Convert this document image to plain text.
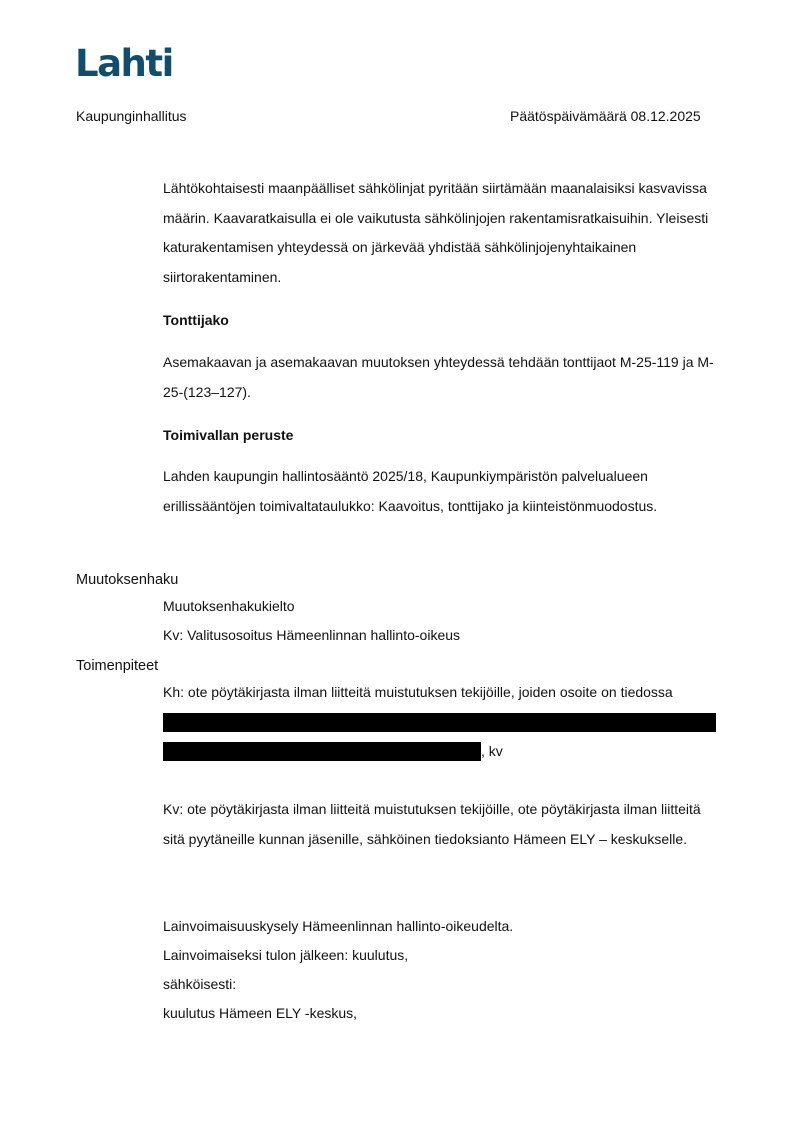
Lahti
Kaupunginhallitus	Päätöspäivämäärä 08.12.2025
Lähtökohtaisesti maanpäälliset sähkölinjat pyritään siirtämään maanalaisiksi kasvavissa määrin. Kaavaratkaisulla ei ole vaikutusta sähkölinjojen rakentamisratkaisuihin. Yleisesti katurakentamisen yhteydessä on järkevää yhdistää sähkölinjojenyhtaikainen siirtorakentaminen.
Tonttijako
Asemakaavan ja asemakaavan muutoksen yhteydessä tehdään tonttijaot M-25-119 ja M-25-(123–127).
Toimivallan peruste
Lahden kaupungin hallintosääntö 2025/18, Kaupunkiympäristön palvelualueen erillissääntöjen toimivaltataulukko: Kaavoitus, tonttijako ja kiinteistönmuodostus.
Muutoksenhaku
Muutoksenhakukielto
Kv: Valitusosoitus Hämeenlinnan hallinto-oikeus
Toimenpiteet
Kh: ote pöytäkirjasta ilman liitteitä muistutuksen tekijöille, joiden osoite on tiedossa
, kv
Kv: ote pöytäkirjasta ilman liitteitä muistutuksen tekijöille, ote pöytäkirjasta ilman liitteitä sitä pyytäneille kunnan jäsenille, sähköinen tiedoksianto Hämeen ELY – keskukselle.
Lainvoimaisuuskysely Hämeenlinnan hallinto-oikeudelta.
Lainvoimaiseksi tulon jälkeen: kuulutus,
sähköisesti:
kuulutus Hämeen ELY -keskus,
